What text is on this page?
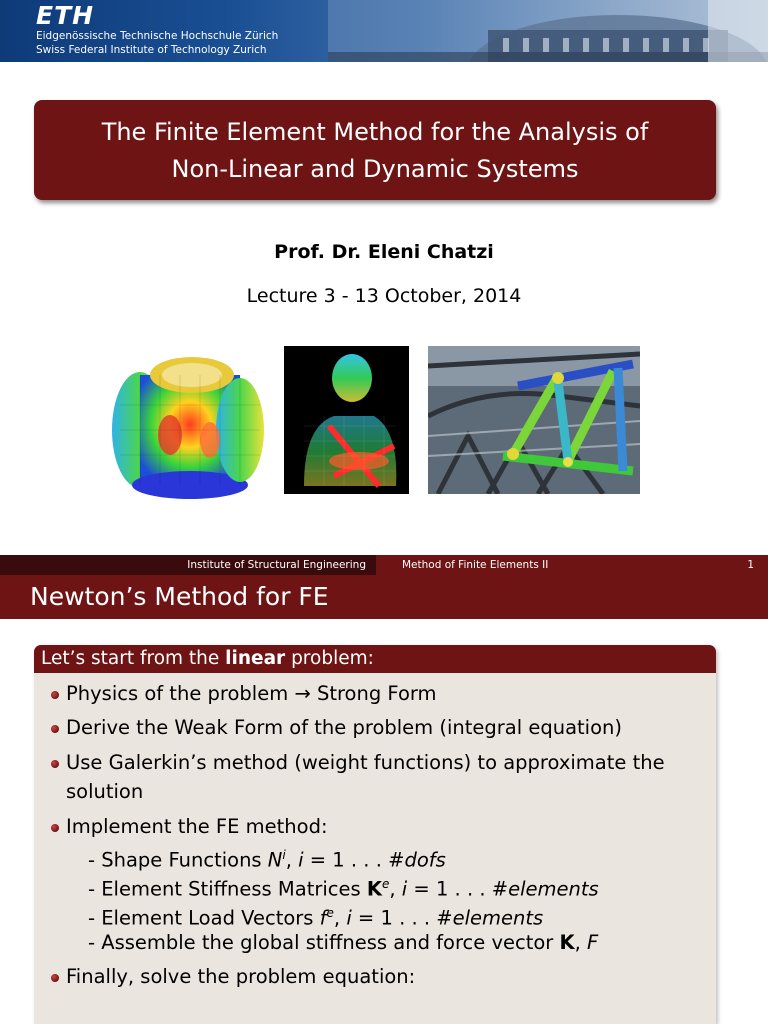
ETH
Eidgenössische Technische Hochschule Zürich
Swiss Federal Institute of Technology Zurich
The Finite Element Method for the Analysis of
Non-Linear and Dynamic Systems
Prof. Dr. Eleni Chatzi
Lecture 3 - 13 October, 2014
Institute of Structural Engineering	Method of Finite Elements II	1
Newton’s Method for FE
Let’s start from the linear problem:
Physics of the problem → Strong Form
Derive the Weak Form of the problem (integral equation)
Use Galerkin’s method (weight functions) to approximate the
solution
Implement the FE method:
- Shape Functions $N^i$, i = 1 . . . #dofs
- Element Stiffness Matrices $K^e$, i = 1 . . . #elements
- Element Load Vectors $f^e$, i = 1 . . . #elements
- Assemble the global stiffness and force vector K, F
Finally, solve the problem equation:
